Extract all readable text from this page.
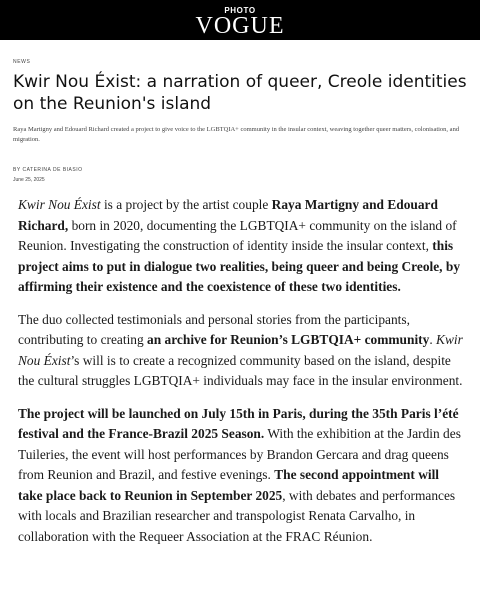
PHOTO
VOGUE
NEWS
Kwir Nou Éxist: a narration of queer, Creole identities on the Reunion's island

Raya Martigny and Edouard Richard created a project to give voice to the LGBTQIA+ community in the insular context, weaving together queer matters, colonisation, and migration.

BY CATERINA DE BIASIO
June 25, 2025

Kwir Nou Éxist is a project by the artist couple Raya Martigny and Edouard Richard, born in 2020, documenting the LGBTQIA+ community on the island of Reunion. Investigating the construction of identity inside the insular context, this project aims to put in dialogue two realities, being queer and being Creole, by affirming their existence and the coexistence of these two identities.

The duo collected testimonials and personal stories from the participants, contributing to creating an archive for Reunion’s LGBTQIA+ community. Kwir Nou Éxist’s will is to create a recognized community based on the island, despite the cultural struggles LGBTQIA+ individuals may face in the insular environment.

The project will be launched on July 15th in Paris, during the 35th Paris l’été festival and the France-Brazil 2025 Season. With the exhibition at the Jardin des Tuileries, the event will host performances by Brandon Gercara and drag queens from Reunion and Brazil, and festive evenings. The second appointment will take place back to Reunion in September 2025, with debates and performances with locals and Brazilian researcher and transpologist Renata Carvalho, in collaboration with the Requeer Association at the FRAC Réunion.
